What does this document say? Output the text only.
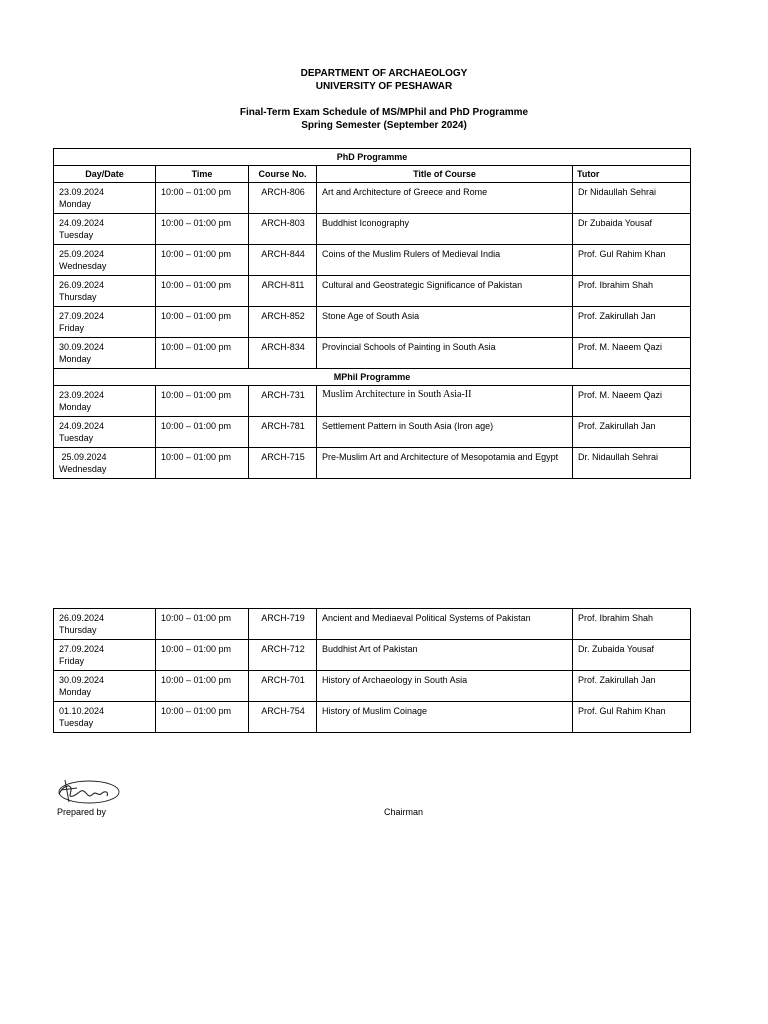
DEPARTMENT OF ARCHAEOLOGY
UNIVERSITY OF PESHAWAR
Final-Term Exam Schedule of MS/MPhil and PhD Programme
Spring Semester (September 2024)
PhD Programme				
Day/Date	Time	Course No.	Title of Course	Tutor

23.09.2024
Monday	10:00 – 01:00 pm	ARCH-806	Art and Architecture of Greece and Rome	Dr Nidaullah Sehrai

24.09.2024
Tuesday	10:00 – 01:00 pm	ARCH-803	Buddhist Iconography	Dr Zubaida Yousaf

25.09.2024
Wednesday	10:00 – 01:00 pm	ARCH-844	Coins of the Muslim Rulers of Medieval India	Prof. Gul Rahim Khan

26.09.2024
Thursday	10:00 – 01:00 pm	ARCH-811	Cultural and Geostrategic Significance of Pakistan	Prof. Ibrahim Shah

27.09.2024
Friday	10:00 – 01:00 pm	ARCH-852	Stone Age of South Asia	Prof. Zakirullah Jan

30.09.2024
Monday	10:00 – 01:00 pm	ARCH-834	Provincial Schools of Painting in South Asia	Prof. M. Naeem Qazi
MPhil Programme				

23.09.2024
Monday	10:00 – 01:00 pm	ARCH-731	Muslim Architecture in South Asia-II	Prof. M. Naeem Qazi

24.09.2024
Tuesday	10:00 – 01:00 pm	ARCH-781	Settlement Pattern in South Asia (Iron age)	Prof. Zakirullah Jan

25.09.2024
Wednesday	10:00 – 01:00 pm	ARCH-715	Pre-Muslim Art and Architecture of Mesopotamia and Egypt	Dr. Nidaullah Sehrai
26.09.2024
Thursday	10:00 – 01:00 pm	ARCH-719	Ancient and Mediaeval Political Systems of Pakistan	Prof. Ibrahim Shah

27.09.2024
Friday	10:00 – 01:00 pm	ARCH-712	Buddhist Art of Pakistan	Dr. Zubaida Yousaf

30.09.2024
Monday	10:00 – 01:00 pm	ARCH-701	History of Archaeology in South Asia	Prof. Zakirullah Jan

01.10.2024
Tuesday	10:00 – 01:00 pm	ARCH-754	History of Muslim Coinage	Prof. Gul Rahim Khan
Prepared by	Chairman
